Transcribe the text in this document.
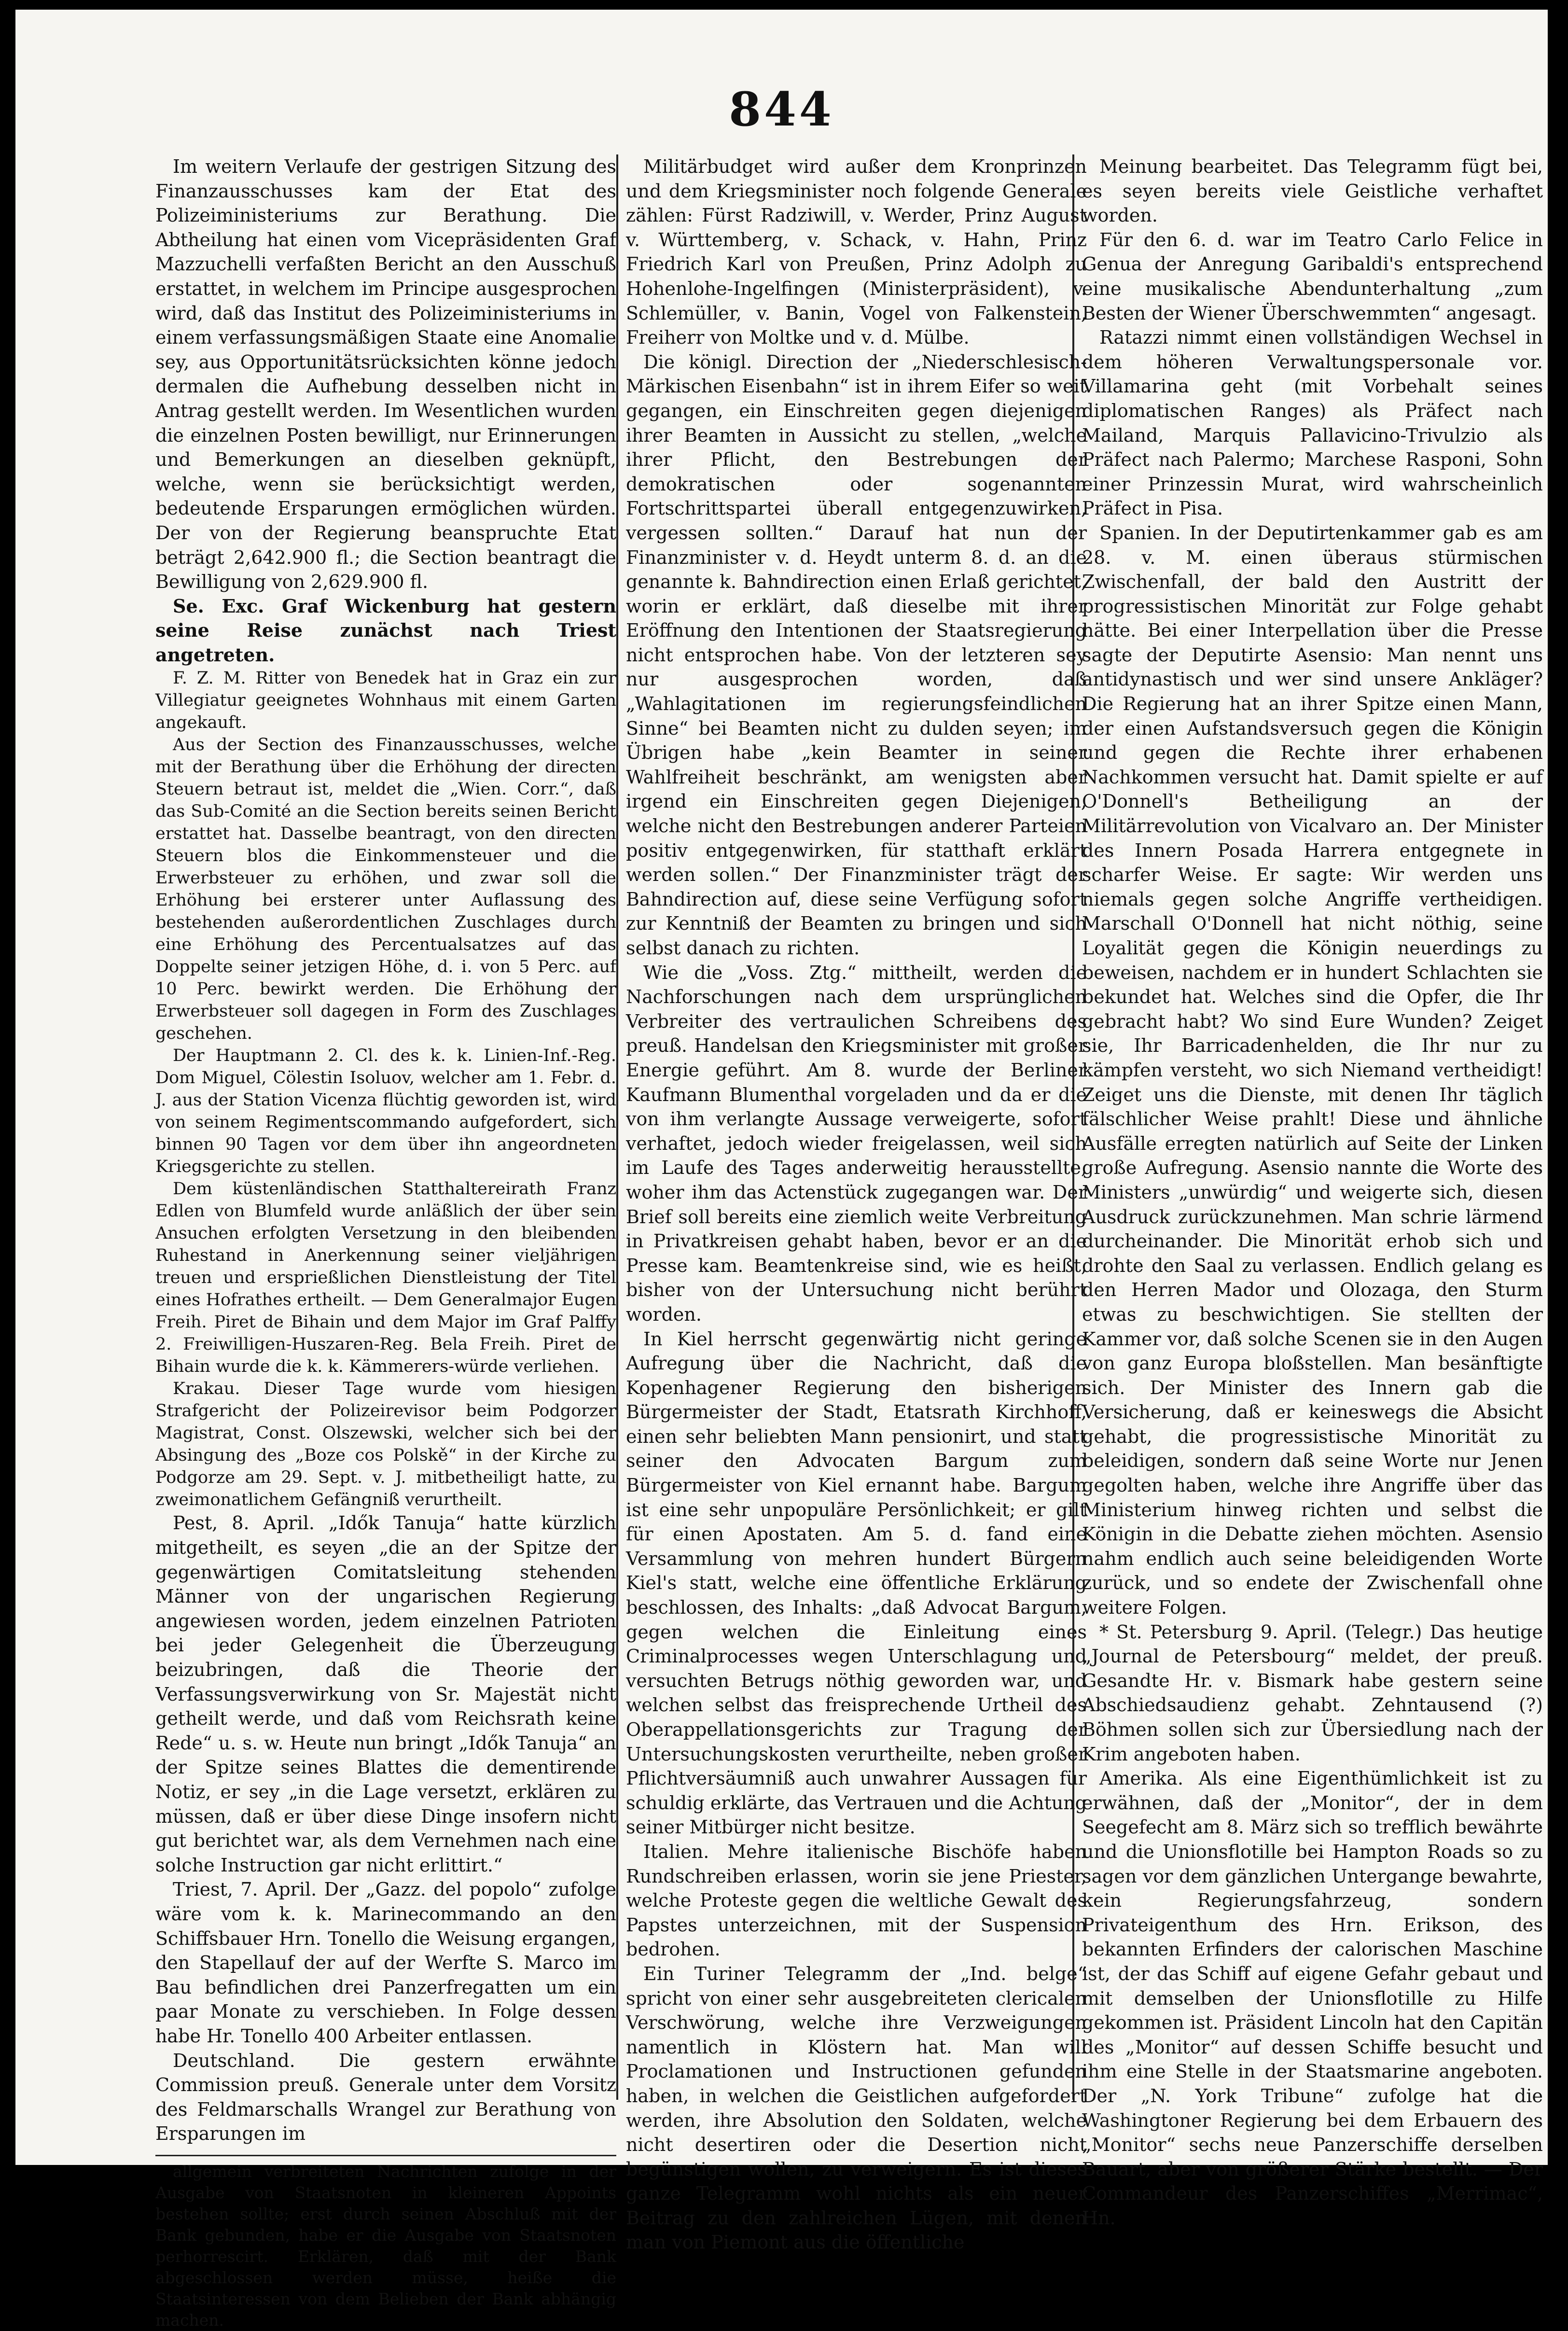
844

Im weitern Verlaufe der gestrigen Sitzung des Finanzausschusses kam der Etat des Polizeiministeriums zur Berathung. Die Abtheilung hat einen vom Vicepräsidenten Graf Mazzuchelli verfaßten Bericht an den Ausschuß erstattet, in welchem im Principe ausgesprochen wird, daß das Institut des Polizeiministeriums in einem verfassungsmäßigen Staate eine Anomalie sey, aus Opportunitätsrücksichten könne jedoch dermalen die Aufhebung desselben nicht in Antrag gestellt werden. Im Wesentlichen wurden die einzelnen Posten bewilligt, nur Erinnerungen und Bemerkungen an dieselben geknüpft, welche, wenn sie berücksichtigt werden, bedeutende Ersparungen ermöglichen würden. Der von der Regierung beanspruchte Etat beträgt 2,642.900 fl.; die Section beantragt die Bewilligung von 2,629.900 fl.

Se. Exc. Graf Wickenburg hat gestern seine Reise zunächst nach Triest angetreten.

F. Z. M. Ritter von Benedek hat in Graz ein zur Villegiatur geeignetes Wohnhaus mit einem Garten angekauft.

Aus der Section des Finanzausschusses, welche mit der Berathung über die Erhöhung der directen Steuern betraut ist, meldet die „Wien. Corr.“, daß das Sub-Comité an die Section bereits seinen Bericht erstattet hat. Dasselbe beantragt, von den directen Steuern blos die Einkommensteuer und die Erwerbsteuer zu erhöhen, und zwar soll die Erhöhung bei ersterer unter Auflassung des bestehenden außerordentlichen Zuschlages durch eine Erhöhung des Percentualsatzes auf das Doppelte seiner jetzigen Höhe, d. i. von 5 Perc. auf 10 Perc. bewirkt werden. Die Erhöhung der Erwerbsteuer soll dagegen in Form des Zuschlages geschehen.

Der Hauptmann 2. Cl. des k. k. Linien-Inf.-Reg. Dom Miguel, Cölestin Isoluov, welcher am 1. Febr. d. J. aus der Station Vicenza flüchtig geworden ist, wird von seinem Regimentscommando aufgefordert, sich binnen 90 Tagen vor dem über ihn angeordneten Kriegsgerichte zu stellen.

Dem küstenländischen Statthaltereirath Franz Edlen von Blumfeld wurde anläßlich der über sein Ansuchen erfolgten Versetzung in den bleibenden Ruhestand in Anerkennung seiner vieljährigen treuen und ersprießlichen Dienstleistung der Titel eines Hofrathes ertheilt. — Dem Generalmajor Eugen Freih. Piret de Bihain und dem Major im Graf Palffy 2. Freiwilligen-Huszaren-Reg. Bela Freih. Piret de Bihain wurde die k. k. Kämmerers-würde verliehen.

Krakau. Dieser Tage wurde vom hiesigen Strafgericht der Polizeirevisor beim Podgorzer Magistrat, Const. Olszewski, welcher sich bei der Absingung des „Boze cos Polskě“ in der Kirche zu Podgorze am 29. Sept. v. J. mitbetheiligt hatte, zu zweimonatlichem Gefängniß verurtheilt.

Pest, 8. April. „Idők Tanuja“ hatte kürzlich mitgetheilt, es seyen „die an der Spitze der gegenwärtigen Comitatsleitung stehenden Männer von der ungarischen Regierung angewiesen worden, jedem einzelnen Patrioten bei jeder Gelegenheit die Überzeugung beizubringen, daß die Theorie der Verfassungsverwirkung von Sr. Majestät nicht getheilt werde, und daß vom Reichsrath keine Rede“ u. s. w. Heute nun bringt „Idők Tanuja“ an der Spitze seines Blattes die dementirende Notiz, er sey „in die Lage versetzt, erklären zu müssen, daß er über diese Dinge insofern nicht gut berichtet war, als dem Vernehmen nach eine solche Instruction gar nicht erlittirt.“

Triest, 7. April. Der „Gazz. del popolo“ zufolge wäre vom k. k. Marinecommando an den Schiffsbauer Hrn. Tonello die Weisung ergangen, den Stapellauf der auf der Werfte S. Marco im Bau befindlichen drei Panzerfregatten um ein paar Monate zu verschieben. In Folge dessen habe Hr. Tonello 400 Arbeiter entlassen.

Deutschland. Die gestern erwähnte Commission preuß. Generale unter dem Vorsitz des Feldmarschalls Wrangel zur Berathung von Ersparungen im

allgemein verbreiteten Nachrichten zufolge in der Ausgabe von Staatsnoten in kleineren Appoints bestehen sollte; erst durch seinen Abschluß mit der Bank gebunden, habe er die Ausgabe von Staatsnoten perhorrescirt. Erklären, daß mit der Bank abgeschlossen werden müsse, heiße die Staatsinteressen von dem Belieben der Bank abhängig machen.

Militärbudget wird außer dem Kronprinzen und dem Kriegsminister noch folgende Generale zählen: Fürst Radziwill, v. Werder, Prinz August v. Württemberg, v. Schack, v. Hahn, Prinz Friedrich Karl von Preußen, Prinz Adolph zu Hohenlohe-Ingelfingen (Ministerpräsident), v. Schlemüller, v. Banin, Vogel von Falkenstein, Freiherr von Moltke und v. d. Mülbe.

Die königl. Direction der „Niederschlesisch-Märkischen Eisenbahn“ ist in ihrem Eifer so weit gegangen, ein Einschreiten gegen diejenigen ihrer Beamten in Aussicht zu stellen, „welche ihrer Pflicht, den Bestrebungen der demokratischen oder sogenannten Fortschrittspartei überall entgegenzuwirken, vergessen sollten.“ Darauf hat nun der Finanzminister v. d. Heydt unterm 8. d. an die genannte k. Bahndirection einen Erlaß gerichtet, worin er erklärt, daß dieselbe mit ihrer Eröffnung den Intentionen der Staatsregierung nicht entsprochen habe. Von der letzteren sey nur ausgesprochen worden, daß „Wahlagitationen im regierungsfeindlichen Sinne“ bei Beamten nicht zu dulden seyen; im Übrigen habe „kein Beamter in seiner Wahlfreiheit beschränkt, am wenigsten aber irgend ein Einschreiten gegen Diejenigen, welche nicht den Bestrebungen anderer Parteien positiv entgegenwirken, für statthaft erklärt werden sollen.“ Der Finanzminister trägt der Bahndirection auf, diese seine Verfügung sofort zur Kenntniß der Beamten zu bringen und sich selbst danach zu richten.

Wie die „Voss. Ztg.“ mittheilt, werden die Nachforschungen nach dem ursprünglichen Verbreiter des vertraulichen Schreibens des preuß. Handelsan den Kriegsminister mit großer Energie geführt. Am 8. wurde der Berliner Kaufmann Blumenthal vorgeladen und da er die von ihm verlangte Aussage verweigerte, sofort verhaftet, jedoch wieder freigelassen, weil sich im Laufe des Tages anderweitig herausstellte, woher ihm das Actenstück zugegangen war. Der Brief soll bereits eine ziemlich weite Verbreitung in Privatkreisen gehabt haben, bevor er an die Presse kam. Beamtenkreise sind, wie es heißt, bisher von der Untersuchung nicht berührt worden.

In Kiel herrscht gegenwärtig nicht geringe Aufregung über die Nachricht, daß die Kopenhagener Regierung den bisherigen Bürgermeister der Stadt, Etatsrath Kirchhoff, einen sehr beliebten Mann pensionirt, und statt seiner den Advocaten Bargum zum Bürgermeister von Kiel ernannt habe. Bargum ist eine sehr unpopuläre Persönlichkeit; er gilt für einen Apostaten. Am 5. d. fand eine Versammlung von mehren hundert Bürgern Kiel's statt, welche eine öffentliche Erklärung beschlossen, des Inhalts: „daß Advocat Bargum, gegen welchen die Einleitung eines Criminalprocesses wegen Unterschlagung und versuchten Betrugs nöthig geworden war, und welchen selbst das freisprechende Urtheil des Oberappellationsgerichts zur Tragung der Untersuchungskosten verurtheilte, neben großer Pflichtversäumniß auch unwahrer Aussagen für schuldig erklärte, das Vertrauen und die Achtung seiner Mitbürger nicht besitze.

Italien. Mehre italienische Bischöfe haben Rundschreiben erlassen, worin sie jene Priester, welche Proteste gegen die weltliche Gewalt des Papstes unterzeichnen, mit der Suspension bedrohen.

Ein Turiner Telegramm der „Ind. belge“ spricht von einer sehr ausgebreiteten clericalen Verschwörung, welche ihre Verzweigungen namentlich in Klöstern hat. Man will Proclamationen und Instructionen gefunden haben, in welchen die Geistlichen aufgefordert werden, ihre Absolution den Soldaten, welche nicht desertiren oder die Desertion nicht begünstigen wollen, zu verweigern. Es ist dieses ganze Telegramm wohl nichts als ein neuer Beitrag zu den zahlreichen Lügen, mit denen man von Piemont aus die öffentliche

Meinung bearbeitet. Das Telegramm fügt bei, es seyen bereits viele Geistliche verhaftet worden.

Für den 6. d. war im Teatro Carlo Felice in Genua der Anregung Garibaldi's entsprechend eine musikalische Abendunterhaltung „zum Besten der Wiener Überschwemmten“ angesagt.

Ratazzi nimmt einen vollständigen Wechsel in dem höheren Verwaltungspersonale vor. Villamarina geht (mit Vorbehalt seines diplomatischen Ranges) als Präfect nach Mailand, Marquis Pallavicino-Trivulzio als Präfect nach Palermo; Marchese Rasponi, Sohn einer Prinzessin Murat, wird wahrscheinlich Präfect in Pisa.

Spanien. In der Deputirtenkammer gab es am 28. v. M. einen überaus stürmischen Zwischenfall, der bald den Austritt der progressistischen Minorität zur Folge gehabt hätte. Bei einer Interpellation über die Presse sagte der Deputirte Asensio: Man nennt uns antidynastisch und wer sind unsere Ankläger? Die Regierung hat an ihrer Spitze einen Mann, der einen Aufstandsversuch gegen die Königin und gegen die Rechte ihrer erhabenen Nachkommen versucht hat. Damit spielte er auf O'Donnell's Betheiligung an der Militärrevolution von Vicalvaro an. Der Minister des Innern Posada Harrera entgegnete in scharfer Weise. Er sagte: Wir werden uns niemals gegen solche Angriffe vertheidigen. Marschall O'Donnell hat nicht nöthig, seine Loyalität gegen die Königin neuerdings zu beweisen, nachdem er in hundert Schlachten sie bekundet hat. Welches sind die Opfer, die Ihr gebracht habt? Wo sind Eure Wunden? Zeiget sie, Ihr Barricadenhelden, die Ihr nur zu kämpfen versteht, wo sich Niemand vertheidigt! Zeiget uns die Dienste, mit denen Ihr täglich fälschlicher Weise prahlt! Diese und ähnliche Ausfälle erregten natürlich auf Seite der Linken große Aufregung. Asensio nannte die Worte des Ministers „unwürdig“ und weigerte sich, diesen Ausdruck zurückzunehmen. Man schrie lärmend durcheinander. Die Minorität erhob sich und drohte den Saal zu verlassen. Endlich gelang es den Herren Mador und Olozaga, den Sturm etwas zu beschwichtigen. Sie stellten der Kammer vor, daß solche Scenen sie in den Augen von ganz Europa bloßstellen. Man besänftigte sich. Der Minister des Innern gab die Versicherung, daß er keineswegs die Absicht gehabt, die progressistische Minorität zu beleidigen, sondern daß seine Worte nur Jenen gegolten haben, welche ihre Angriffe über das Ministerium hinweg richten und selbst die Königin in die Debatte ziehen möchten. Asensio nahm endlich auch seine beleidigenden Worte zurück, und so endete der Zwischenfall ohne weitere Folgen.

* St. Petersburg 9. April. (Telegr.) Das heutige „Journal de Petersbourg“ meldet, der preuß. Gesandte Hr. v. Bismark habe gestern seine Abschiedsaudienz gehabt. Zehntausend (?) Böhmen sollen sich zur Übersiedlung nach der Krim angeboten haben.

Amerika. Als eine Eigenthümlichkeit ist zu erwähnen, daß der „Monitor“, der in dem Seegefecht am 8. März sich so trefflich bewährte und die Unionsflotille bei Hampton Roads so zu sagen vor dem gänzlichen Untergange bewahrte, kein Regierungsfahrzeug, sondern Privateigenthum des Hrn. Erikson, des bekannten Erfinders der calorischen Maschine ist, der das Schiff auf eigene Gefahr gebaut und mit demselben der Unionsflotille zu Hilfe gekommen ist. Präsident Lincoln hat den Capitän des „Monitor“ auf dessen Schiffe besucht und ihm eine Stelle in der Staatsmarine angeboten. Der „N. York Tribune“ zufolge hat die Washingtoner Regierung bei dem Erbauern des „Monitor“ sechs neue Panzerschiffe derselben Bauart, aber von größerer Stärke bestellt. — Der Commandeur des Panzerschiffes „Merrimac“, Hn.
